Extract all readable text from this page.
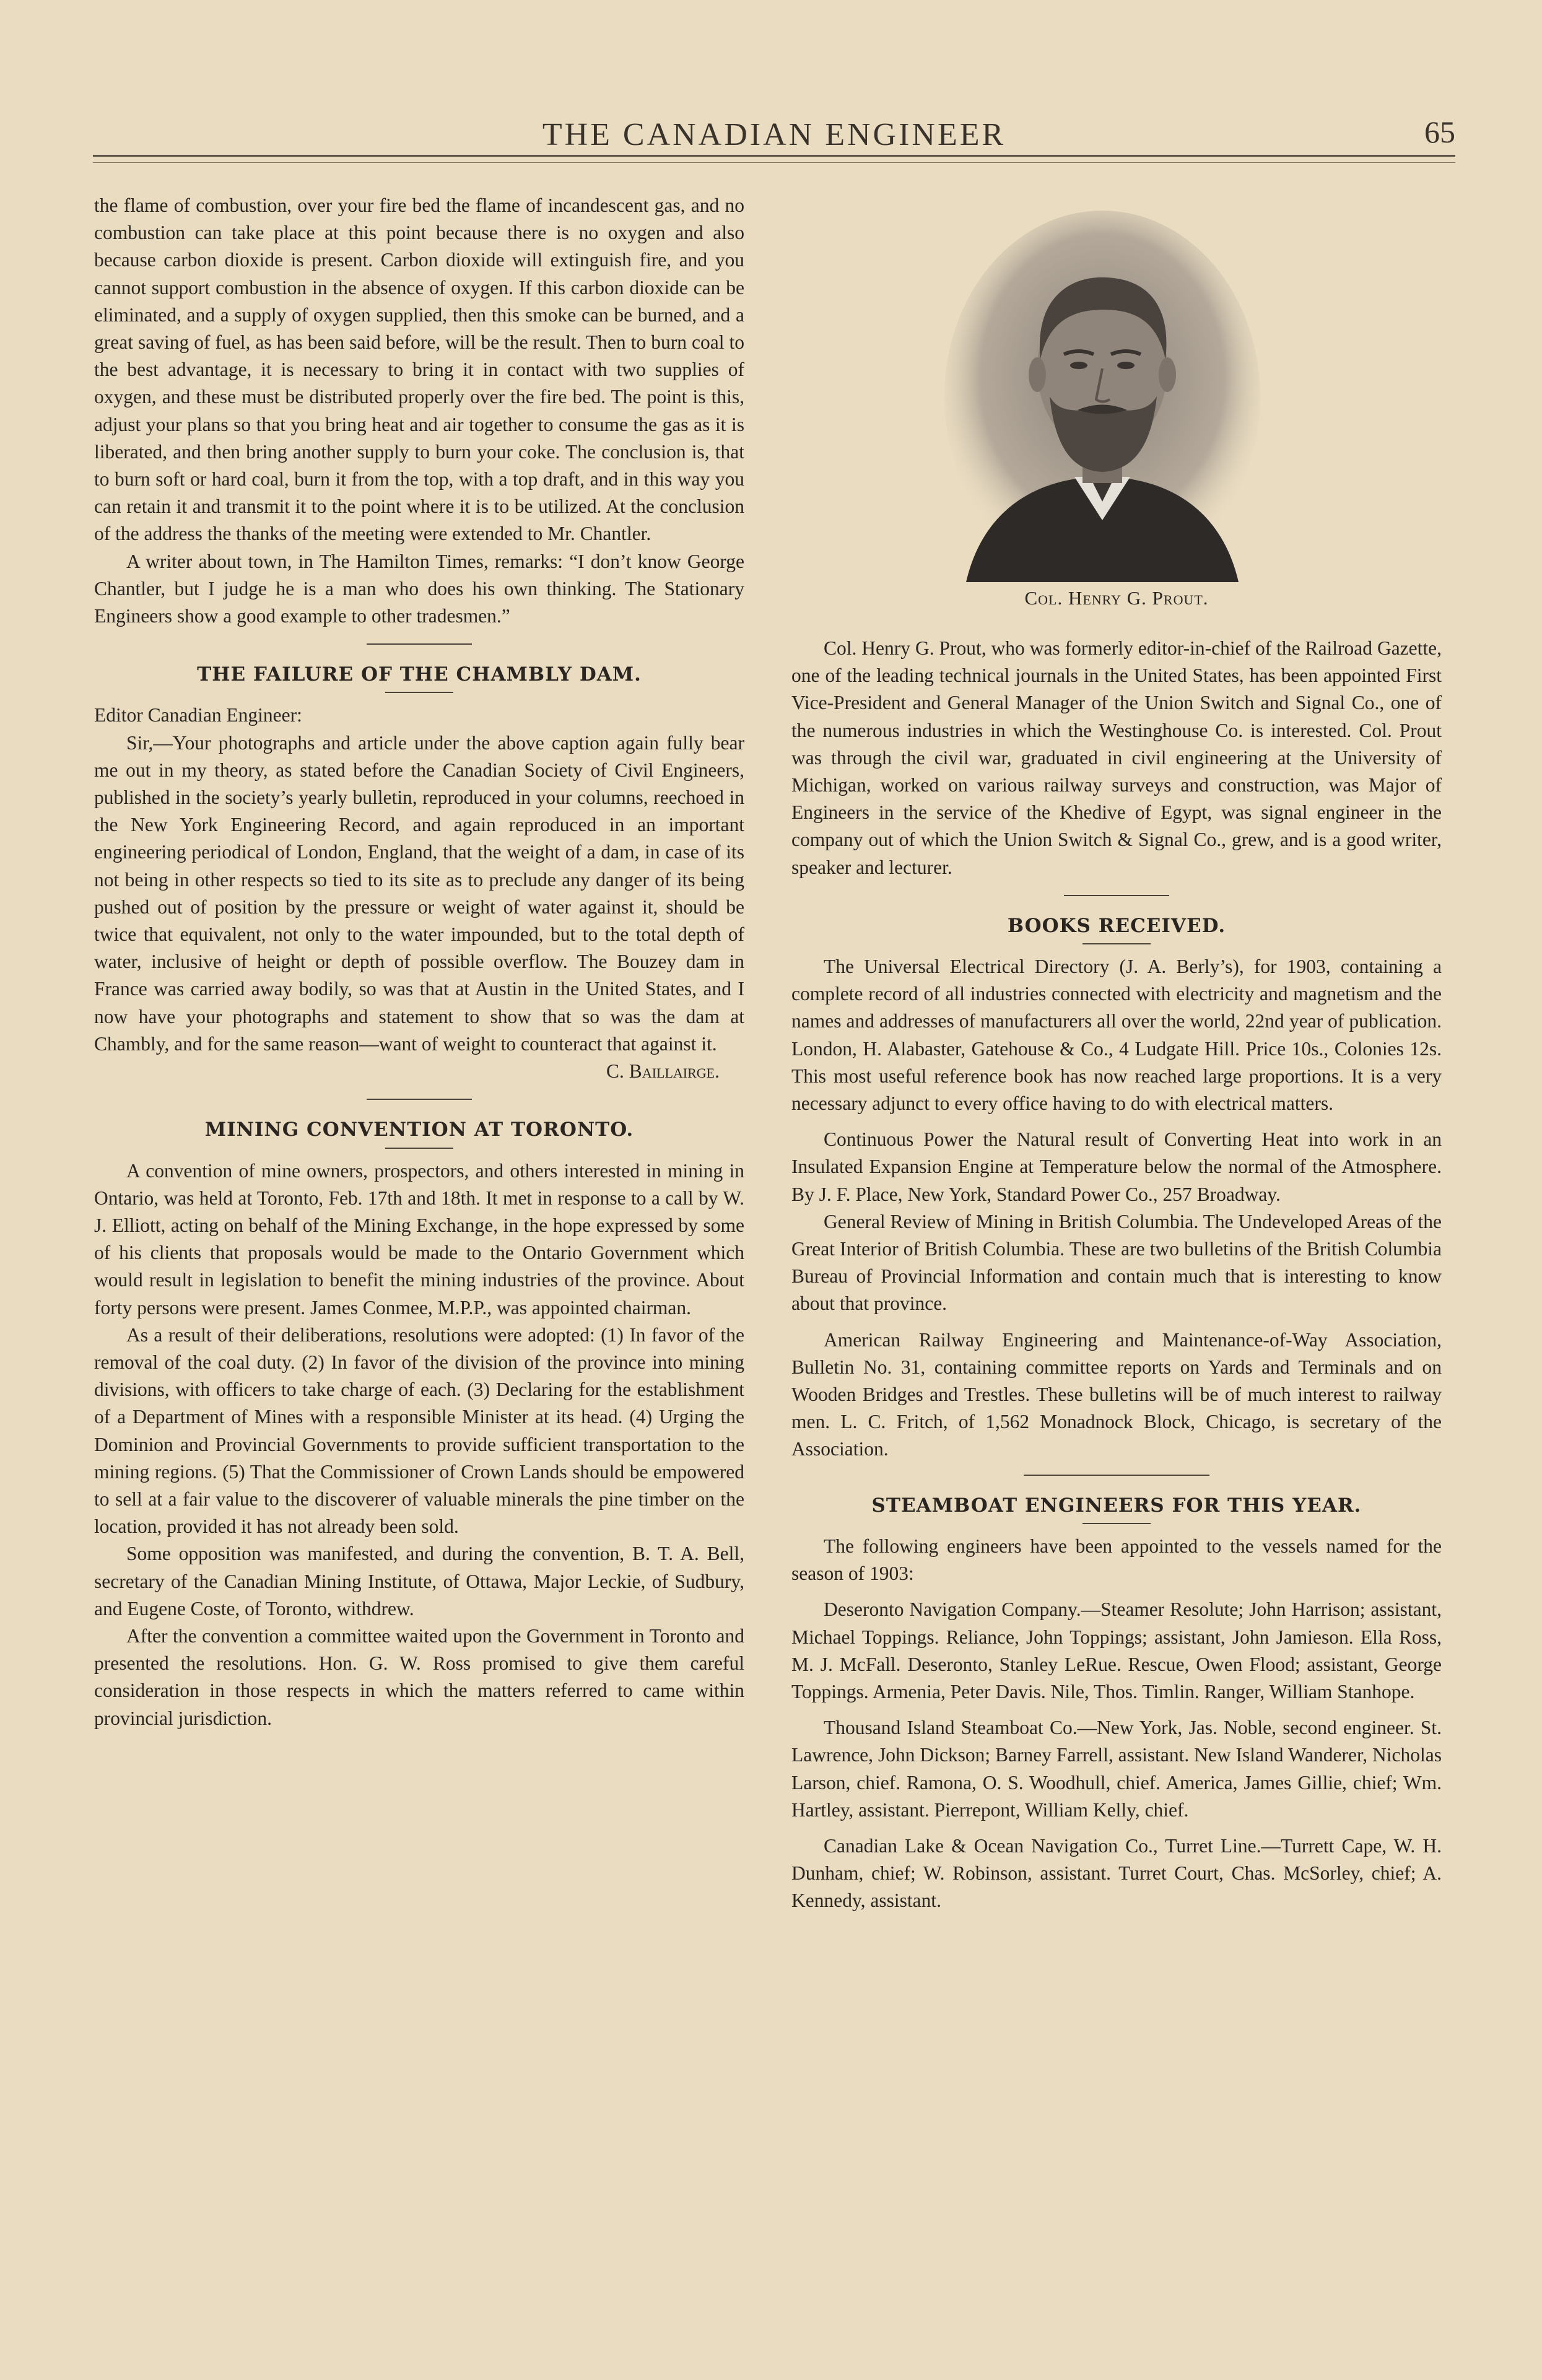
THE CANADIAN ENGINEER	65

the flame of combustion, over your fire bed the flame of incandescent gas, and no combustion can take place at this point because there is no oxygen and also because carbon dioxide is present. Carbon dioxide will extinguish fire, and you cannot support combustion in the absence of oxygen. If this carbon dioxide can be eliminated, and a supply of oxygen supplied, then this smoke can be burned, and a great saving of fuel, as has been said before, will be the result. Then to burn coal to the best advantage, it is necessary to bring it in contact with two supplies of oxygen, and these must be distributed properly over the fire bed. The point is this, adjust your plans so that you bring heat and air together to consume the gas as it is liberated, and then bring another supply to burn your coke. The conclusion is, that to burn soft or hard coal, burn it from the top, with a top draft, and in this way you can retain it and transmit it to the point where it is to be utilized. At the conclusion of the address the thanks of the meeting were extended to Mr. Chantler.

A writer about town, in The Hamilton Times, remarks: “I don’t know George Chantler, but I judge he is a man who does his own thinking. The Stationary Engineers show a good example to other tradesmen.”

THE FAILURE OF THE CHAMBLY DAM.

Editor Canadian Engineer:

Sir,—Your photographs and article under the above caption again fully bear me out in my theory, as stated before the Canadian Society of Civil Engineers, published in the society’s yearly bulletin, reproduced in your columns, reechoed in the New York Engineering Record, and again reproduced in an important engineering periodical of London, England, that the weight of a dam, in case of its not being in other respects so tied to its site as to preclude any danger of its being pushed out of position by the pressure or weight of water against it, should be twice that equivalent, not only to the water impounded, but to the total depth of water, inclusive of height or depth of possible overflow. The Bouzey dam in France was carried away bodily, so was that at Austin in the United States, and I now have your photographs and statement to show that so was the dam at Chambly, and for the same reason—want of weight to counteract that against it.

C. Baillairge.
MINING CONVENTION AT TORONTO.

A convention of mine owners, prospectors, and others interested in mining in Ontario, was held at Toronto, Feb. 17th and 18th. It met in response to a call by W. J. Elliott, acting on behalf of the Mining Exchange, in the hope expressed by some of his clients that proposals would be made to the Ontario Government which would result in legislation to benefit the mining industries of the province. About forty persons were present. James Conmee, M.P.P., was appointed chairman.

As a result of their deliberations, resolutions were adopted: (1) In favor of the removal of the coal duty. (2) In favor of the division of the province into mining divisions, with officers to take charge of each. (3) Declaring for the establishment of a Department of Mines with a responsible Minister at its head. (4) Urging the Dominion and Provincial Governments to provide sufficient transportation to the mining regions. (5) That the Commissioner of Crown Lands should be empowered to sell at a fair value to the discoverer of valuable minerals the pine timber on the location, provided it has not already been sold.

Some opposition was manifested, and during the convention, B. T. A. Bell, secretary of the Canadian Mining Institute, of Ottawa, Major Leckie, of Sudbury, and Eugene Coste, of Toronto, withdrew.

After the convention a committee waited upon the Government in Toronto and presented the resolutions. Hon. G. W. Ross promised to give them careful consideration in those respects in which the matters referred to came within provincial jurisdiction.

Col. Henry G. Prout.

Col. Henry G. Prout, who was formerly editor-in-chief of the Railroad Gazette, one of the leading technical journals in the United States, has been appointed First Vice-President and General Manager of the Union Switch and Signal Co., one of the numerous industries in which the Westinghouse Co. is interested. Col. Prout was through the civil war, graduated in civil engineering at the University of Michigan, worked on various railway surveys and construction, was Major of Engineers in the service of the Khedive of Egypt, was signal engineer in the company out of which the Union Switch & Signal Co., grew, and is a good writer, speaker and lecturer.

BOOKS RECEIVED.

The Universal Electrical Directory (J. A. Berly’s), for 1903, containing a complete record of all industries connected with electricity and magnetism and the names and addresses of manufacturers all over the world, 22nd year of publication. London, H. Alabaster, Gatehouse & Co., 4 Ludgate Hill. Price 10s., Colonies 12s. This most useful reference book has now reached large proportions. It is a very necessary adjunct to every office having to do with electrical matters.

Continuous Power the Natural result of Converting Heat into work in an Insulated Expansion Engine at Temperature below the normal of the Atmosphere. By J. F. Place, New York, Standard Power Co., 257 Broadway.

General Review of Mining in British Columbia. The Undeveloped Areas of the Great Interior of British Columbia. These are two bulletins of the British Columbia Bureau of Provincial Information and contain much that is interesting to know about that province.

American Railway Engineering and Maintenance-of-Way Association, Bulletin No. 31, containing committee reports on Yards and Terminals and on Wooden Bridges and Trestles. These bulletins will be of much interest to railway men. L. C. Fritch, of 1,562 Monadnock Block, Chicago, is secretary of the Association.

STEAMBOAT ENGINEERS FOR THIS YEAR.

The following engineers have been appointed to the vessels named for the season of 1903:

Deseronto Navigation Company.—Steamer Resolute; John Harrison; assistant, Michael Toppings. Reliance, John Toppings; assistant, John Jamieson. Ella Ross, M. J. McFall. Deseronto, Stanley LeRue. Rescue, Owen Flood; assistant, George Toppings. Armenia, Peter Davis. Nile, Thos. Timlin. Ranger, William Stanhope.

Thousand Island Steamboat Co.—New York, Jas. Noble, second engineer. St. Lawrence, John Dickson; Barney Farrell, assistant. New Island Wanderer, Nicholas Larson, chief. Ramona, O. S. Woodhull, chief. America, James Gillie, chief; Wm. Hartley, assistant. Pierrepont, William Kelly, chief.

Canadian Lake & Ocean Navigation Co., Turret Line.—Turrett Cape, W. H. Dunham, chief; W. Robinson, assistant. Turret Court, Chas. McSorley, chief; A. Kennedy, assistant.
